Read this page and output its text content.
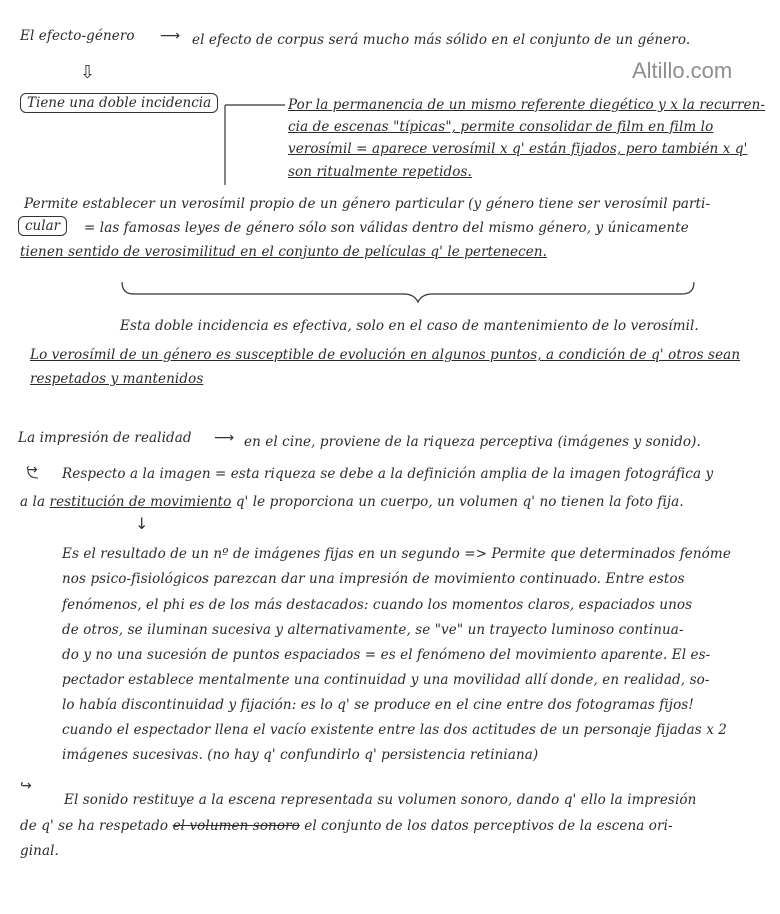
Altillo.com
El efecto-género ⟶ el efecto de corpus será mucho más sólido en el conjunto de un género.
⇩
Tiene una doble incidencia	Por la permanencia de un mismo referente diegético y x la recurren-
cia de escenas "típicas", permite consolidar de film en film lo
verosímil = aparece verosímil x q' están fijados, pero también x q'
son ritualmente repetidos.
Permite establecer un verosímil propio de un género particular (y género tiene ser verosímil parti-
cular	= las famosas leyes de género sólo son válidas dentro del mismo género, y únicamente
tienen sentido de verosimilitud en el conjunto de películas q' le pertenecen.
Esta doble incidencia es efectiva, solo en el caso de mantenimiento de lo verosímil.
Lo verosímil de un género es susceptible de evolución en algunos puntos, a condición de q' otros sean
respetados y mantenidos
La impresión de realidad ⟶ en el cine, proviene de la riqueza perceptiva (imágenes y sonido).
↪ Respecto a la imagen = esta riqueza se debe a la definición amplia de la imagen fotográfica y
a la restitución de movimiento q' le proporciona un cuerpo, un volumen q' no tienen la foto fija.
↓
Es el resultado de un nº de imágenes fijas en un segundo => Permite que determinados fenóme
nos psico-fisiológicos parezcan dar una impresión de movimiento continuado. Entre estos
fenómenos, el phi es de los más destacados: cuando los momentos claros, espaciados unos
de otros, se iluminan sucesiva y alternativamente, se "ve" un trayecto luminoso continua-
do y no una sucesión de puntos espaciados = es el fenómeno del movimiento aparente. El es-
pectador establece mentalmente una continuidad y una movilidad allí donde, en realidad, so-
lo había discontinuidad y fijación: es lo q' se produce en el cine entre dos fotogramas fijos!
cuando el espectador llena el vacío existente entre las dos actitudes de un personaje fijadas x 2
imágenes sucesivas. (no hay q' confundirlo q' persistencia retiniana)
↪
El sonido restituye a la escena representada su volumen sonoro, dando q' ello la impresión
de q' se ha respetado el volumen sonoro el conjunto de los datos perceptivos de la escena ori-
ginal.
